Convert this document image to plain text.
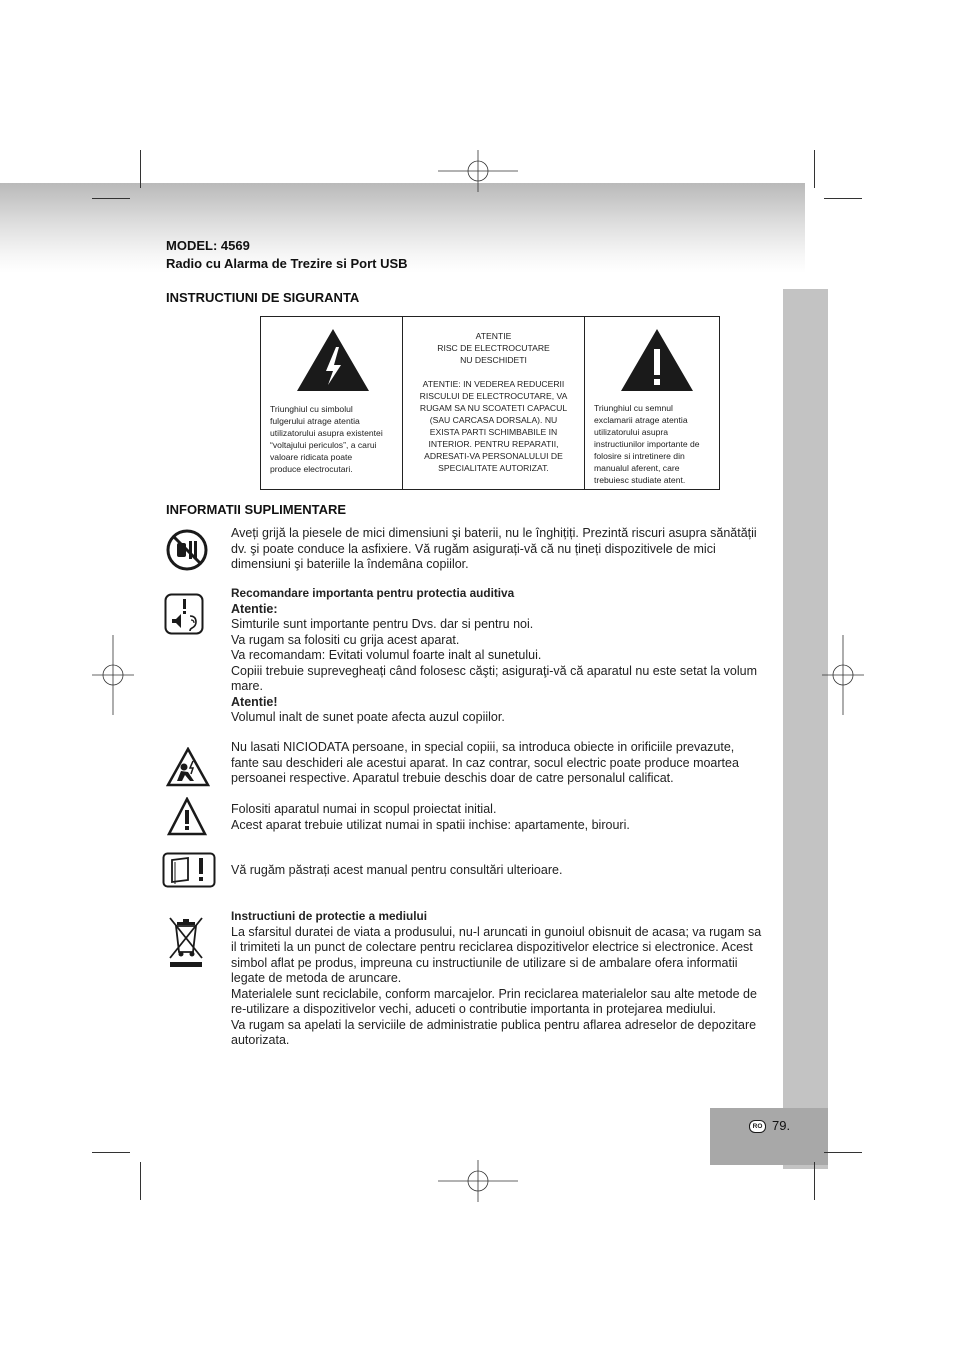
MODEL: 4569
Radio cu Alarma de Trezire si Port USB
INSTRUCTIUNI DE SIGURANTA
Triunghiul cu simbolul
fulgerului atrage atentia
utilizatorului asupra existentei
“voltajului periculos”, a carui
valoare ridicata poate
produce electrocutari.
ATENTIE
RISC DE ELECTROCUTARE
NU DESCHIDETI
ATENTIE: IN VEDEREA REDUCERII
RISCULUI DE ELECTROCUTARE, VA
RUGAM SA NU SCOATETI CAPACUL
(SAU CARCASA DORSALA). NU
EXISTA PARTI SCHIMBABILE IN
INTERIOR. PENTRU REPARATII,
ADRESATI-VA PERSONALULUI DE
SPECIALITATE AUTORIZAT.
Triunghiul cu semnul
exclamarii atrage atentia
utilizatorului asupra
instructiunilor importante de
folosire si intretinere din
manualul aferent, care
trebuiesc studiate atent.
INFORMATII SUPLIMENTARE
Aveți grijă la piesele de mici dimensiuni şi baterii, nu le înghițiți. Prezintă riscuri asupra sănătății
dv. şi poate conduce la asfixiere. Vă rugăm asigurați-vă că nu țineți dispozitivele de mici
dimensiuni şi bateriile la îndemâna copiilor.
Recomandare importanta pentru protectia auditiva
Atentie:
Simturile sunt importante pentru Dvs. dar si pentru noi.
Va rugam sa folositi cu grija acest aparat.
Va recomandam: Evitati volumul foarte inalt al sunetului.
Copiii trebuie suprevegheați când folosesc căşti; asiguraţi-vă că aparatul nu este setat la volum
mare.
Atentie!
Volumul inalt de sunet poate afecta auzul copiilor.
Nu lasati NICIODATA persoane, in special copiii, sa introduca obiecte in orificiile prevazute,
fante sau deschideri ale acestui aparat. In caz contrar, socul electric poate produce moartea
persoanei respective. Aparatul trebuie deschis doar de catre personalul calificat.
Folositi aparatul numai in scopul proiectat initial.
Acest aparat trebuie utilizat numai in spatii inchise: apartamente, birouri.
Vă rugăm păstrați acest manual pentru consultări ulterioare.
Instructiuni de protectie a mediului
La sfarsitul duratei de viata a produsului, nu-l aruncati in gunoiul obisnuit de acasa; va rugam sa
il trimiteti la un punct de colectare pentru reciclarea dispozitivelor electrice si electronice. Acest
simbol aflat pe produs, impreuna cu instructiunile de utilizare si de ambalare ofera informatii
legate de metoda de aruncare.
Materialele sunt reciclabile, conform marcajelor. Prin reciclarea materialelor sau alte metode de
re-utilizare a dispozitivelor vechi, aduceti o contributie importanta in protejarea mediului.
Va rugam sa apelati la serviciile de administratie publica pentru aflarea adreselor de depozitare
autorizata.
RO 79.
